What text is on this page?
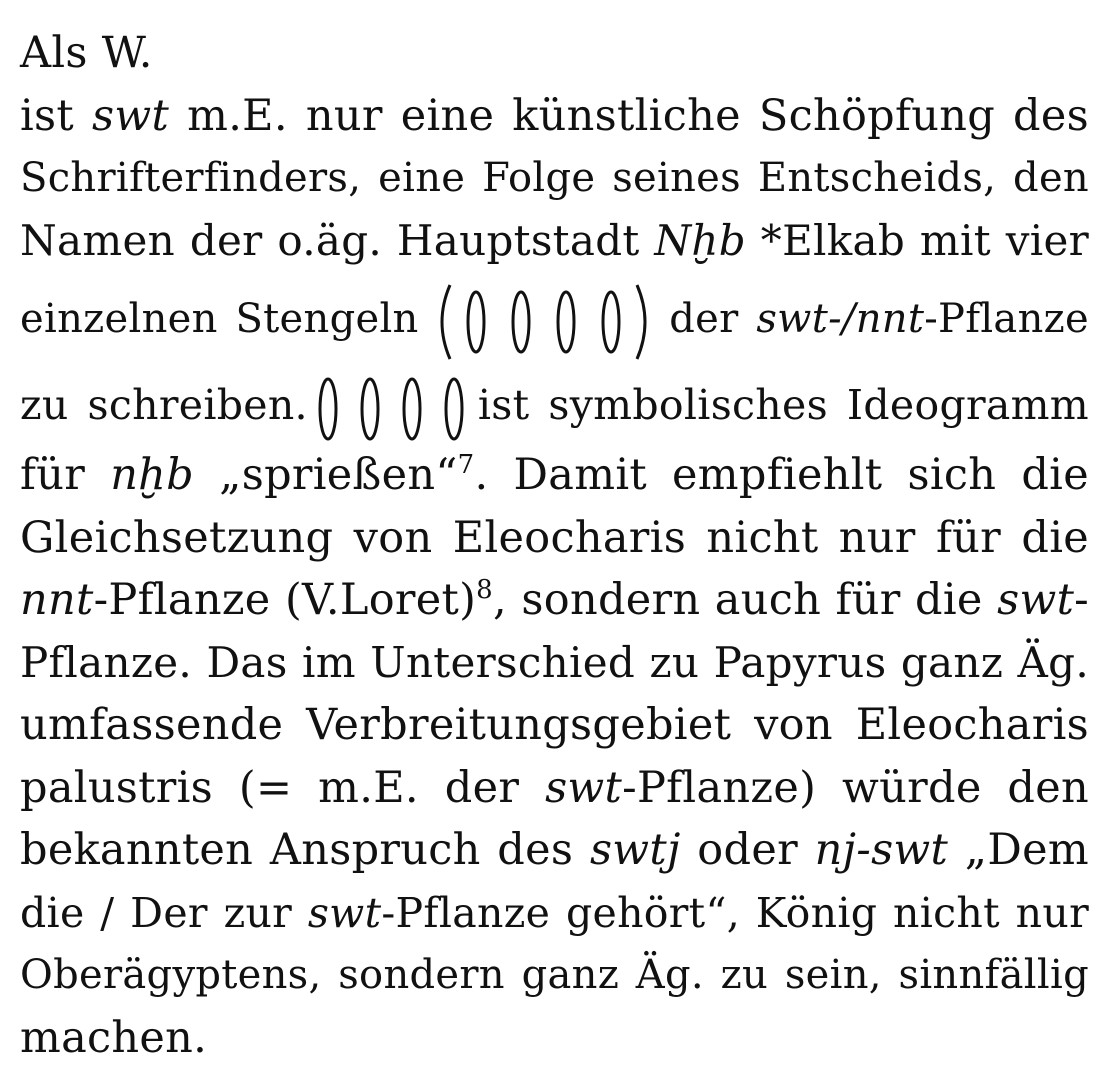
Als W.
ist swt m.E. nur eine künstliche Schöpfung des
Schrifterfinders, eine Folge seines Entscheids, den
Namen der o.äg. Hauptstadt Nḫb *Elkab mit vier
einzelnen Stengeln	der swt-/nnt-Pflanze
zu schreiben.	ist symbolisches Ideogramm
für nḫb „sprießen“$^7$. Damit empfiehlt sich die
Gleichsetzung von Eleocharis nicht nur für die
nnt-Pflanze (V.Loret)$^8$, sondern auch für die swt-
Pflanze. Das im Unterschied zu Papyrus ganz Äg.
umfassende Verbreitungsgebiet von Eleocharis
palustris (= m.E. der swt-Pflanze) würde den
bekannten Anspruch des swtj oder nj-swt „Dem
die / Der zur swt-Pflanze gehört“, König nicht nur
Oberägyptens, sondern ganz Äg. zu sein, sinnfällig
machen.
